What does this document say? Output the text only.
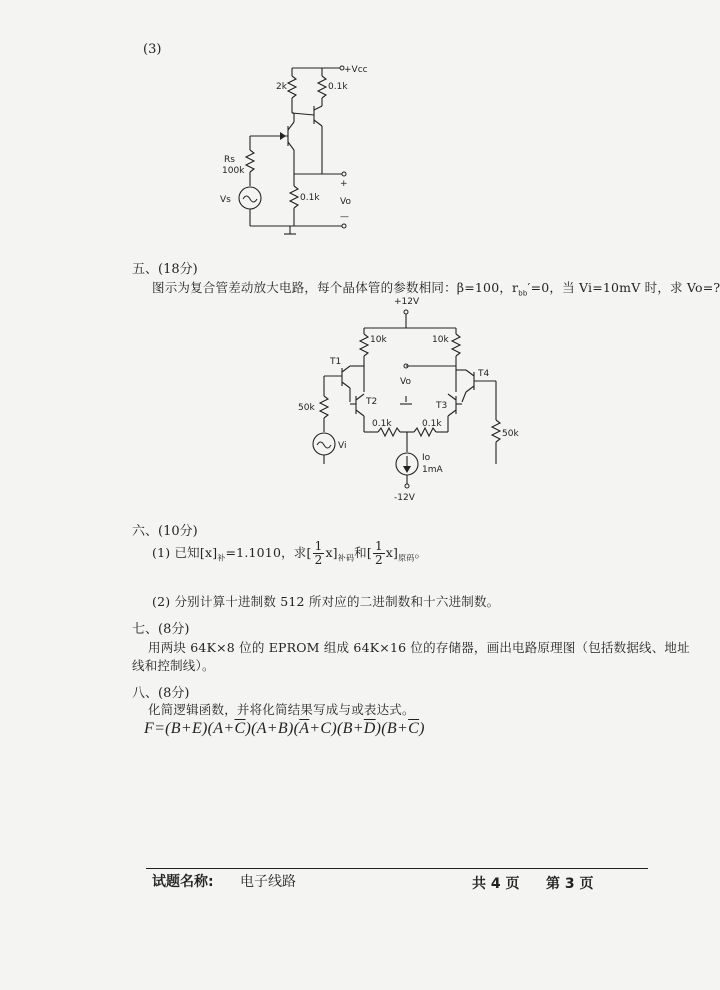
(3)
+Vcc
2k	0.1k
Rs
100k
Vs	0.1k
+
Vo
—
五、(18分)
图示为复合管差动放大电路，每个晶体管的参数相同：β=100，$r_{bb}'=0$，当 Vi=10mV 时，求 Vo=?
+12V
10k	10k
T1
T2	T3
T4
Vo
50k
50k
Vi
0.1k	0.1k
Io
1mA
-12V
六、(10分)
(1) 已知$[x]_补=1.1010$，求[ $\frac{1}{2} x]_{补码}$和[ $\frac{1}{2} x]_{原码}$。
(2) 分别计算十进制数 512 所对应的二进制数和十六进制数。
七、(8分)
用两块 64K×8 位的 EPROM 组成 64K×16 位的存储器，画出电路原理图（包括数据线、地址
线和控制线）。
八、(8分)
化简逻辑函数，并将化简结果写成与或表达式。
$F=(B+E)(A+\overline{C})(A+B)(\overline{A}+C)(B+\overline{D})(B+\overline{C})$
试题名称: 电子线路	共 4 页 第 3 页
